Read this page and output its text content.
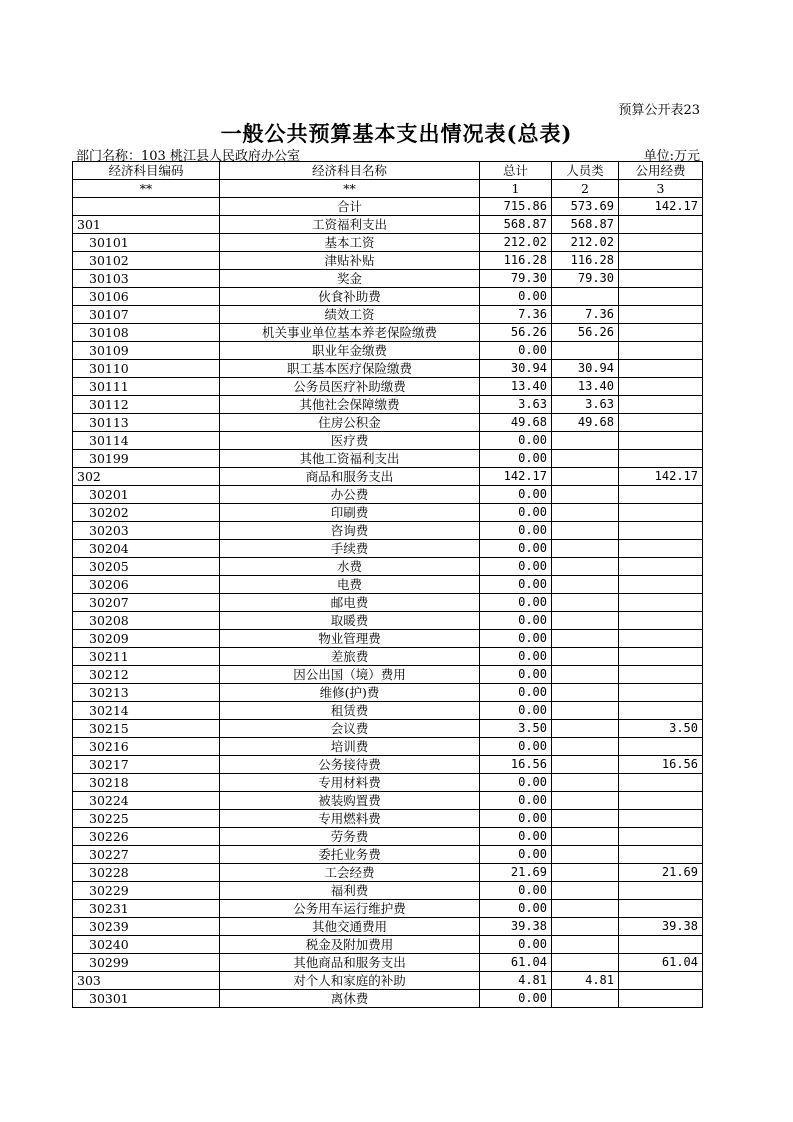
预算公开表23
一般公共预算基本支出情况表(总表)
部门名称：103 桃江县人民政府办公室	单位:万元
经济科目编码	经济科目名称	总计	人员类	公用经费
**	**	1	2	3
	合计	715.86	573.69	142.17
301	工资福利支出	568.87	568.87	
30101	基本工资	212.02	212.02	
30102	津贴补贴	116.28	116.28	
30103	奖金	79.30	79.30	
30106	伙食补助费	0.00		
30107	绩效工资	7.36	7.36	
30108	机关事业单位基本养老保险缴费	56.26	56.26	
30109	职业年金缴费	0.00		
30110	职工基本医疗保险缴费	30.94	30.94	
30111	公务员医疗补助缴费	13.40	13.40	
30112	其他社会保障缴费	3.63	3.63	
30113	住房公积金	49.68	49.68	
30114	医疗费	0.00		
30199	其他工资福利支出	0.00		
302	商品和服务支出	142.17		142.17
30201	办公费	0.00		
30202	印刷费	0.00		
30203	咨询费	0.00		
30204	手续费	0.00		
30205	水费	0.00		
30206	电费	0.00		
30207	邮电费	0.00		
30208	取暖费	0.00		
30209	物业管理费	0.00		
30211	差旅费	0.00		
30212	因公出国（境）费用	0.00		
30213	维修(护)费	0.00		
30214	租赁费	0.00		
30215	会议费	3.50		3.50
30216	培训费	0.00		
30217	公务接待费	16.56		16.56
30218	专用材料费	0.00		
30224	被装购置费	0.00		
30225	专用燃料费	0.00		
30226	劳务费	0.00		
30227	委托业务费	0.00		
30228	工会经费	21.69		21.69
30229	福利费	0.00		
30231	公务用车运行维护费	0.00		
30239	其他交通费用	39.38		39.38
30240	税金及附加费用	0.00		
30299	其他商品和服务支出	61.04		61.04
303	对个人和家庭的补助	4.81	4.81	
30301	离休费	0.00		
